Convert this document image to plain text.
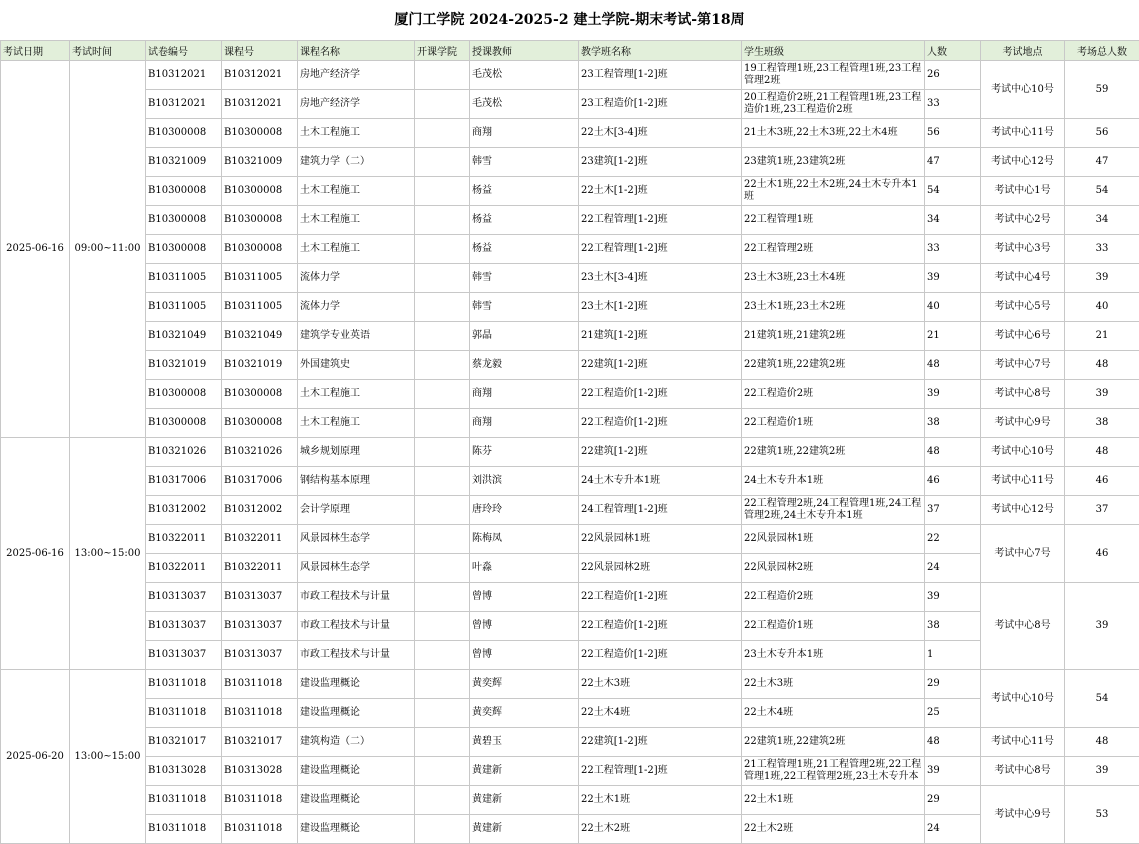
厦门工学院 2024-2025-2 建土学院-期末考试-第18周
考试日期	考试时间	试卷编号	课程号	课程名称	开课学院	授课教师	教学班名称	学生班级	人数	考试地点	考场总人数
2025-06-16	09:00~11:00	B10312021	B10312021	房地产经济学		毛茂松	23工程管理[1-2]班	19工程管理1班,23工程管理1班,23工程管理2班	26	考试中心10号	59
		B10312021	B10312021	房地产经济学		毛茂松	23工程造价[1-2]班	20工程造价2班,21工程管理1班,23工程造价1班,23工程造价2班	33		
		B10300008	B10300008	土木工程施工		商翔	22土木[3-4]班	21土木3班,22土木3班,22土木4班	56	考试中心11号	56
		B10321009	B10321009	建筑力学（二）		韩雪	23建筑[1-2]班	23建筑1班,23建筑2班	47	考试中心12号	47
		B10300008	B10300008	土木工程施工		杨益	22土木[1-2]班	22土木1班,22土木2班,24土木专升本1班	54	考试中心1号	54
		B10300008	B10300008	土木工程施工		杨益	22工程管理[1-2]班	22工程管理1班	34	考试中心2号	34
		B10300008	B10300008	土木工程施工		杨益	22工程管理[1-2]班	22工程管理2班	33	考试中心3号	33
		B10311005	B10311005	流体力学		韩雪	23土木[3-4]班	23土木3班,23土木4班	39	考试中心4号	39
		B10311005	B10311005	流体力学		韩雪	23土木[1-2]班	23土木1班,23土木2班	40	考试中心5号	40
		B10321049	B10321049	建筑学专业英语		郭晶	21建筑[1-2]班	21建筑1班,21建筑2班	21	考试中心6号	21
		B10321019	B10321019	外国建筑史		蔡龙毅	22建筑[1-2]班	22建筑1班,22建筑2班	48	考试中心7号	48
		B10300008	B10300008	土木工程施工		商翔	22工程造价[1-2]班	22工程造价2班	39	考试中心8号	39
		B10300008	B10300008	土木工程施工		商翔	22工程造价[1-2]班	22工程造价1班	38	考试中心9号	38
2025-06-16	13:00~15:00	B10321026	B10321026	城乡规划原理		陈芬	22建筑[1-2]班	22建筑1班,22建筑2班	48	考试中心10号	48
		B10317006	B10317006	钢结构基本原理		刘洪滨	24土木专升本1班	24土木专升本1班	46	考试中心11号	46
		B10312002	B10312002	会计学原理		唐玲玲	24工程管理[1-2]班	22工程管理2班,24工程管理1班,24工程管理2班,24土木专升本1班	37	考试中心12号	37
		B10322011	B10322011	风景园林生态学		陈梅凤	22风景园林1班	22风景园林1班	22	考试中心7号	46
		B10322011	B10322011	风景园林生态学		叶淼	22风景园林2班	22风景园林2班	24		
		B10313037	B10313037	市政工程技术与计量		曾博	22工程造价[1-2]班	22工程造价2班	39	考试中心8号	39
		B10313037	B10313037	市政工程技术与计量		曾博	22工程造价[1-2]班	22工程造价1班	38		
		B10313037	B10313037	市政工程技术与计量		曾博	22工程造价[1-2]班	23土木专升本1班	1		
2025-06-20	13:00~15:00	B10311018	B10311018	建设监理概论		黄奕辉	22土木3班	22土木3班	29	考试中心10号	54
		B10311018	B10311018	建设监理概论		黄奕辉	22土木4班	22土木4班	25		
		B10321017	B10321017	建筑构造（二）		黄碧玉	22建筑[1-2]班	22建筑1班,22建筑2班	48	考试中心11号	48
		B10313028	B10313028	建设监理概论		黄建新	22工程管理[1-2]班	21工程管理1班,21工程管理2班,22工程管理1班,22工程管理2班,23土木专升本	39	考试中心8号	39
		B10311018	B10311018	建设监理概论		黄建新	22土木1班	22土木1班	29	考试中心9号	53
		B10311018	B10311018	建设监理概论		黄建新	22土木2班	22土木2班	24		
